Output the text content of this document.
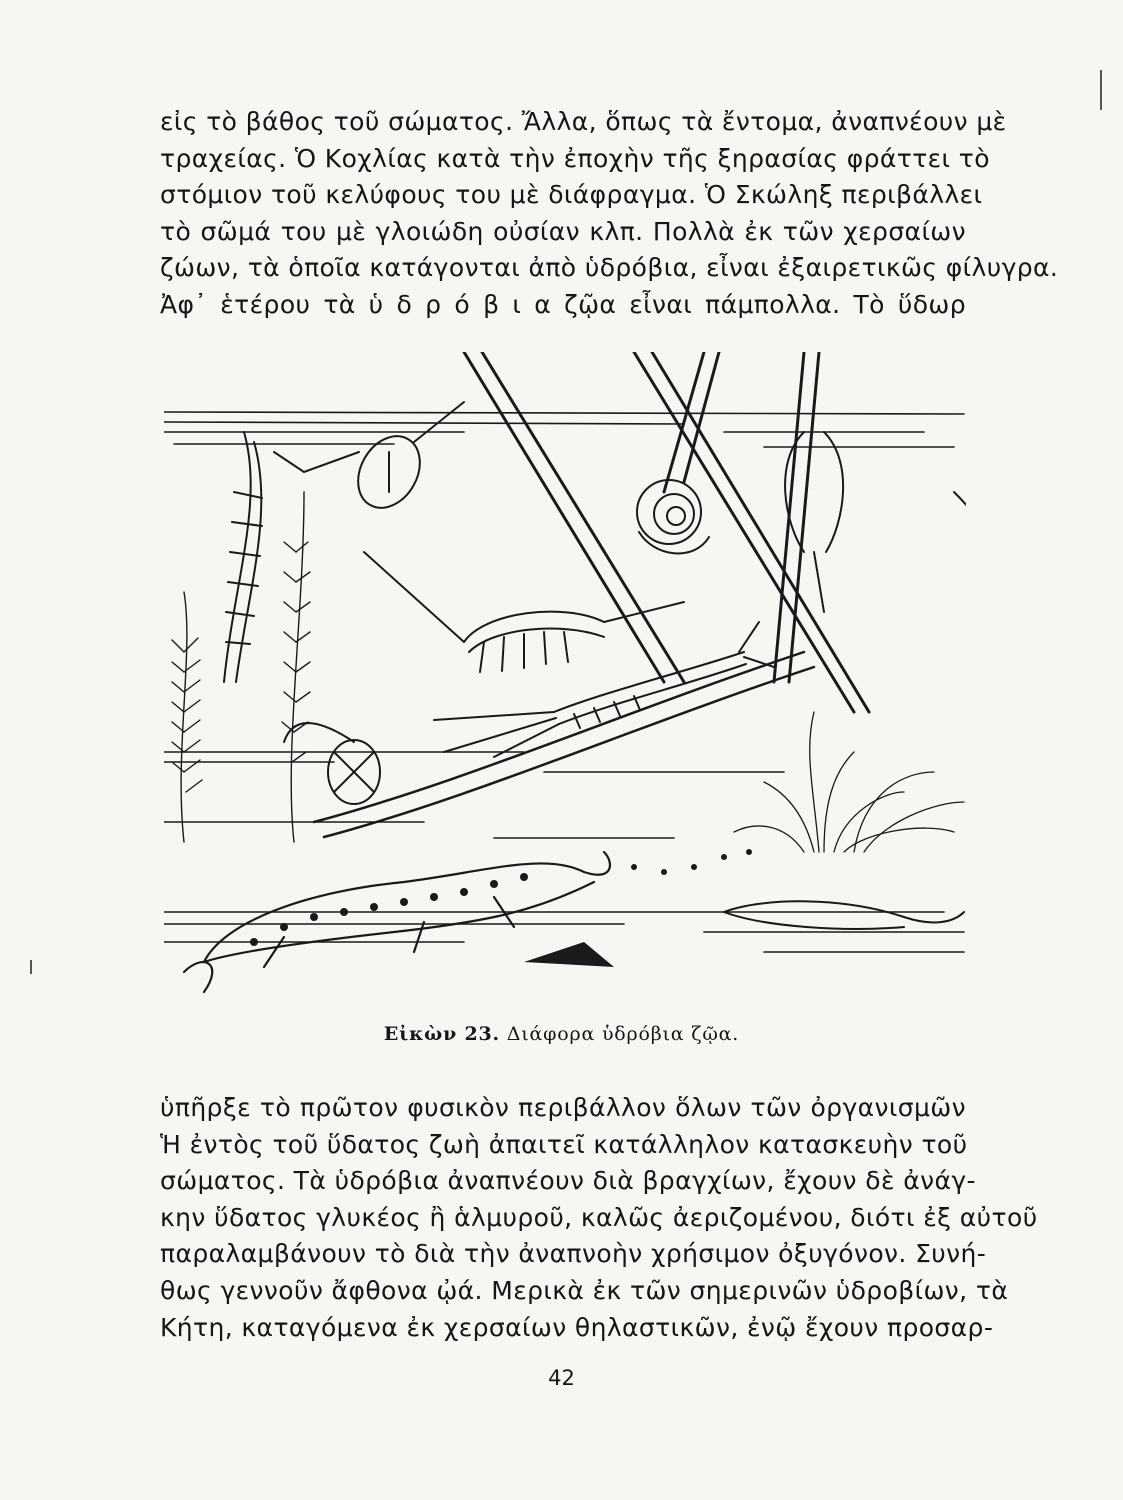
εἰς τὸ βάθος τοῦ σώματος. Ἄλλα, ὅπως τὰ ἔντομα, ἀναπνέουν μὲ
τραχείας. Ὁ Κοχλίας κατὰ τὴν ἐποχὴν τῆς ξηρασίας φράττει τὸ
στόμιον τοῦ κελύφους του μὲ διάφραγμα. Ὁ Σκώληξ περιβάλλει
τὸ σῶμά του μὲ γλοιώδη οὐσίαν κλπ. Πολλὰ ἐκ τῶν χερσαίων
ζώων, τὰ ὁποῖα κατάγονται ἀπὸ ὑδρόβια, εἶναι ἐξαιρετικῶς φίλυγρα.
Ἀφ᾿ ἑτέρου τὰ ὑ δ ρ ό β ι α ζῷα εἶναι πάμπολλα. Τὸ ὕδωρ
Εἰκὼν 23. Διάφορα ὑδρόβια ζῷα.
ὑπῆρξε τὸ πρῶτον φυσικὸν περιβάλλον ὅλων τῶν ὀργανισμῶν
Ἡ ἐντὸς τοῦ ὕδατος ζωὴ ἀπαιτεῖ κατάλληλον κατασκευὴν τοῦ
σώματος. Τὰ ὑδρόβια ἀναπνέουν διὰ βραγχίων, ἔχουν δὲ ἀνάγ-
κην ὕδατος γλυκέος ἢ ἁλμυροῦ, καλῶς ἀεριζομένου, διότι ἐξ αὐτοῦ
παραλαμβάνουν τὸ διὰ τὴν ἀναπνοὴν χρήσιμον ὀξυγόνον. Συνή-
θως γεννοῦν ἄφθονα ᾠά. Μερικὰ ἐκ τῶν σημερινῶν ὑδροβίων, τὰ
Κήτη, καταγόμενα ἐκ χερσαίων θηλαστικῶν, ἐνῷ ἔχουν προσαρ-
42
